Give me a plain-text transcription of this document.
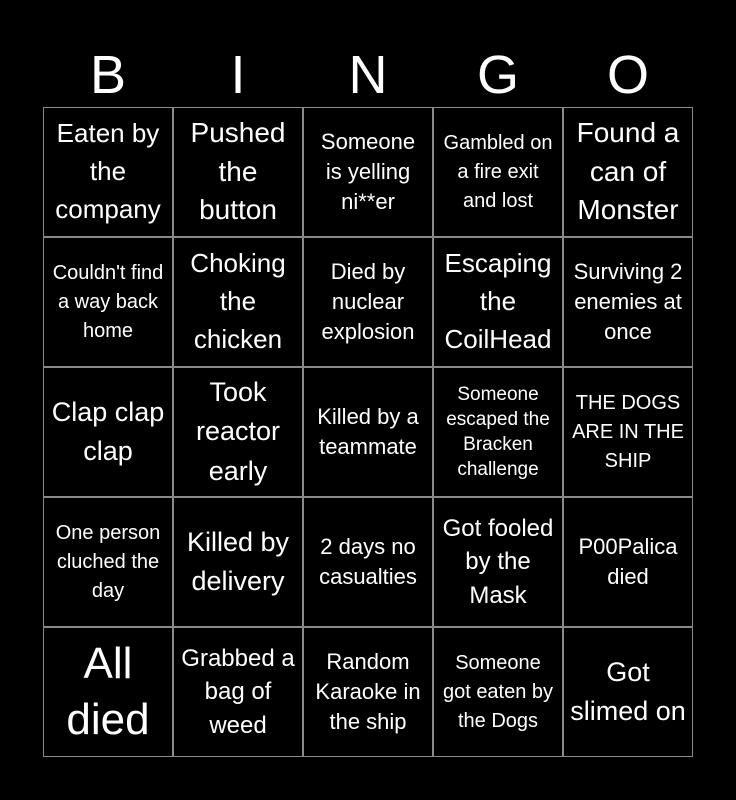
B	I	N	G	O
Eaten by the company
Pushed the button
Someone is yelling ni**er
Gambled on a fire exit and lost
Found a can of Monster
Couldn't find a way back home
Choking the chicken
Died by nuclear explosion
Escaping the CoilHead
Surviving 2 enemies at once
Clap clap clap
Took reactor early
Killed by a teammate
Someone escaped the Bracken challenge
THE DOGS ARE IN THE SHIP
One person cluched the day
Killed by delivery
2 days no casualties
Got fooled by the Mask
P00Palica died
All died
Grabbed a bag of weed
Random Karaoke in the ship
Someone got eaten by the Dogs
Got slimed on
